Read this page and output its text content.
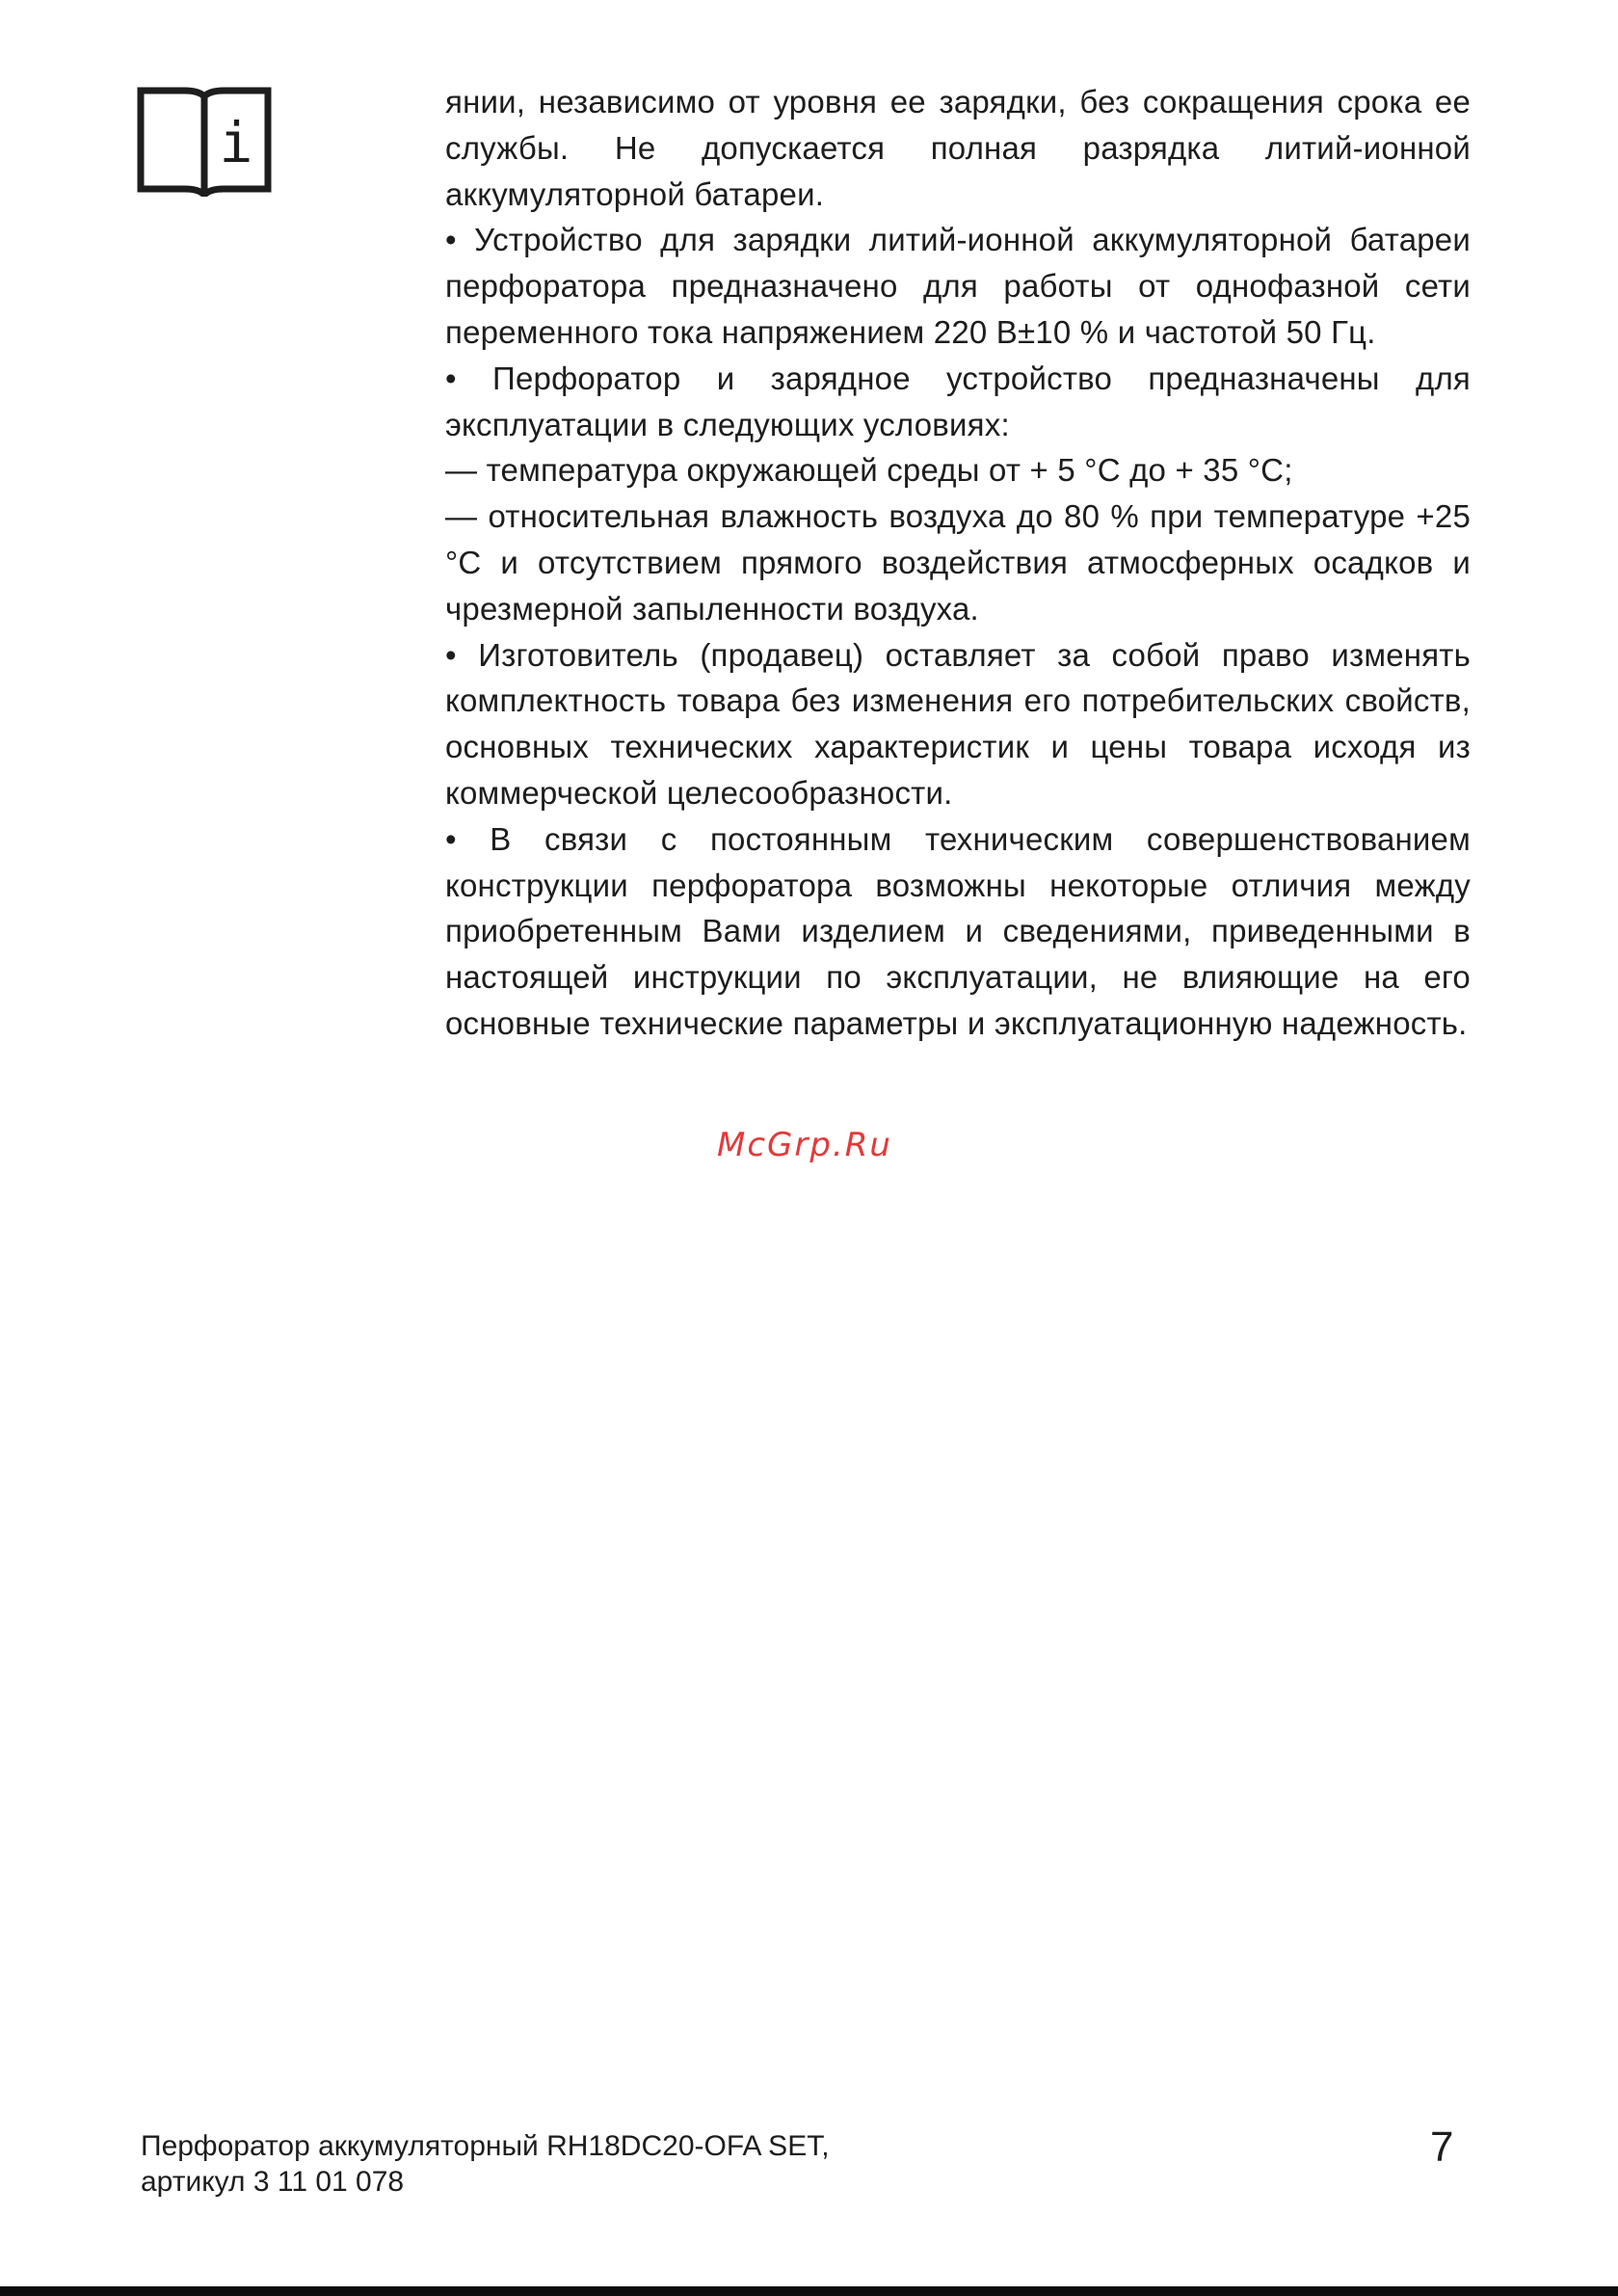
i

янии, независимо от уровня ее зарядки, без сокращения срока ее службы. Не допускается полная разрядка литий-ионной аккумуляторной батареи.

• Устройство для зарядки литий-ионной аккумуляторной батареи перфоратора предназначено для работы от однофазной сети переменного тока напряжением 220 В±10 % и частотой 50 Гц.

• Перфоратор и зарядное устройство предназначены для эксплуатации в следующих условиях:

— температура окружающей среды от + 5 °С до + 35 °С;

— относительная влажность воздуха до 80 % при температуре +25 °С и отсутствием прямого воздействия атмосферных осадков и чрезмерной запыленности воздуха.

• Изготовитель (продавец) оставляет за собой право изменять комплектность товара без изменения его потребительских свойств, основных технических характеристик и цены товара исходя из коммерческой целесообразности.

• В связи с постоянным техническим совершенствованием конструкции перфоратора возможны некоторые отличия между приобретенным Вами изделием и сведениями, приведенными в настоящей инструкции по эксплуатации, не влияющие на его основные технические параметры и эксплуатационную надежность.

McGrp.Ru
Перфоратор аккумуляторный RH18DC20-OFA SET,
артикул 3 11 01 078
7
